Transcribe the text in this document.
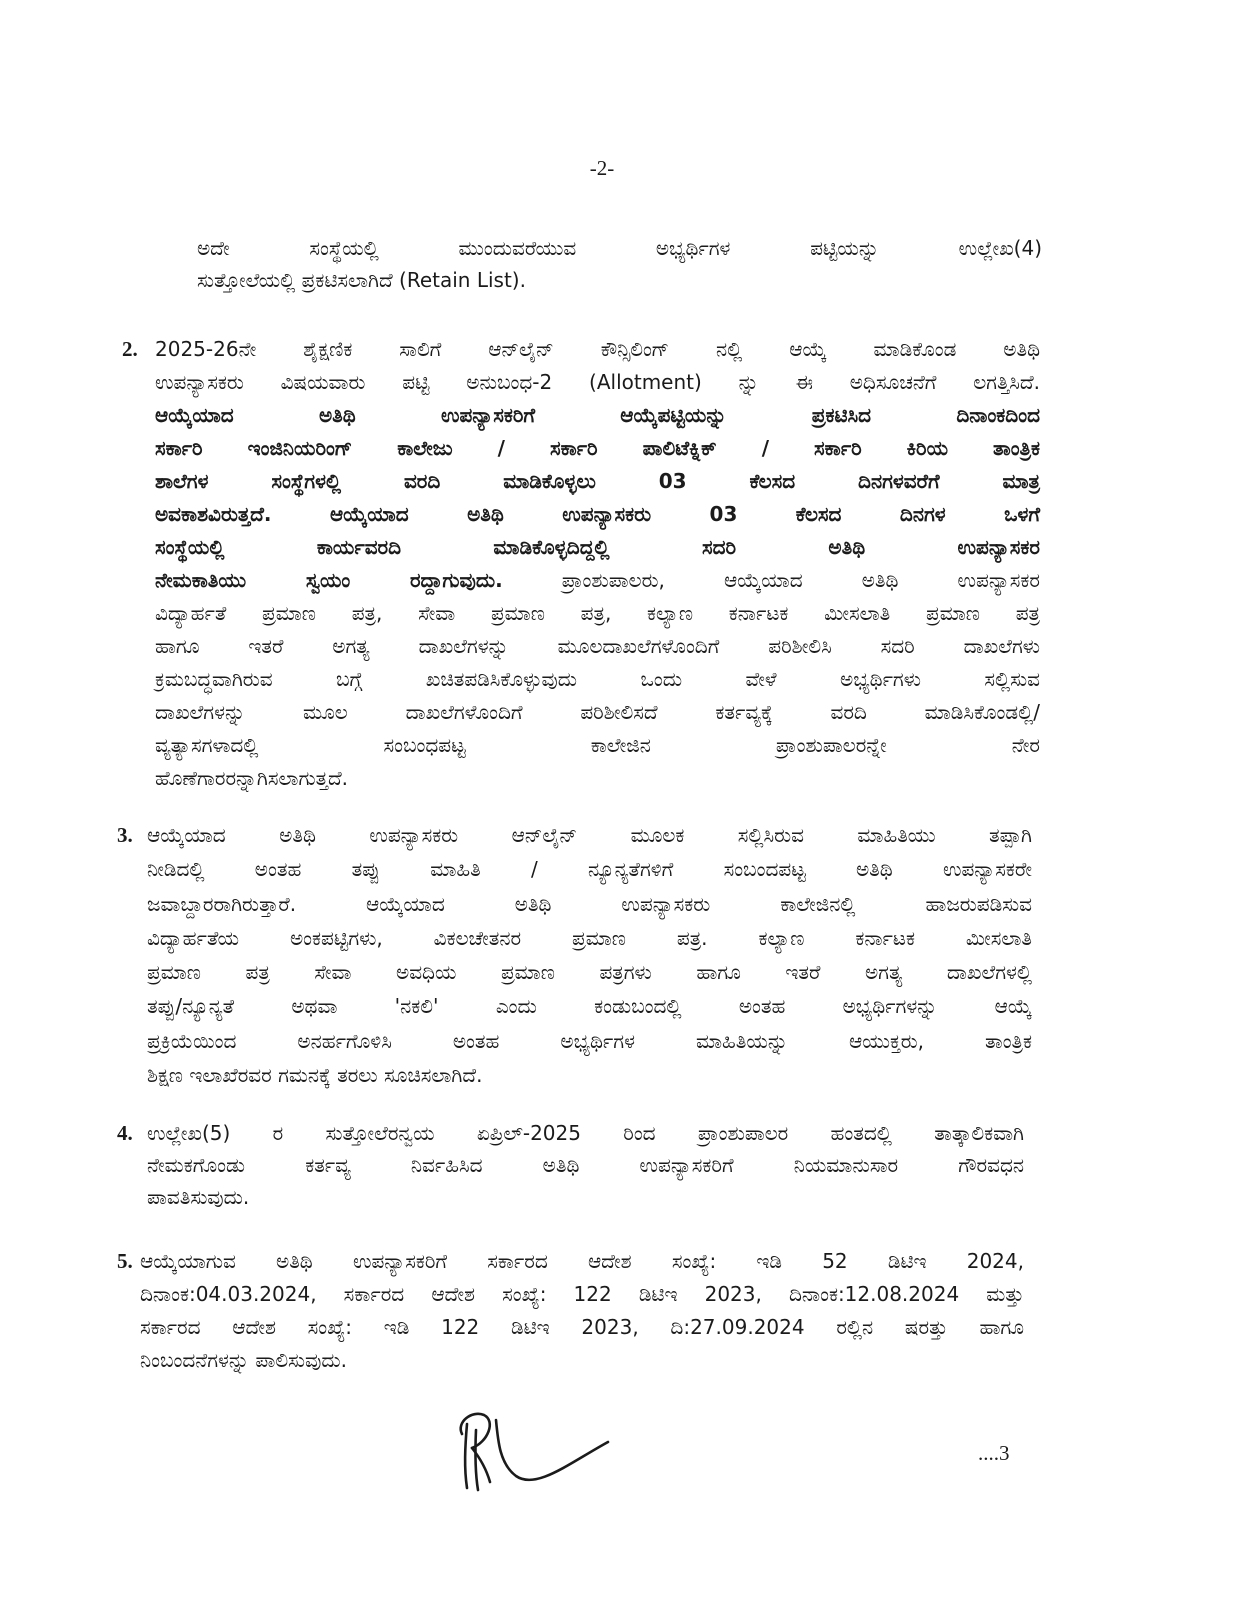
-2-
ಅದೇ ಸಂಸ್ಥೆಯಲ್ಲಿ ಮುಂದುವರೆಯುವ ಅಭ್ಯರ್ಥಿಗಳ ಪಟ್ಟಿಯನ್ನು ಉಲ್ಲೇಖ(4)
ಸುತ್ತೋಲೆಯಲ್ಲಿ ಪ್ರಕಟಿಸಲಾಗಿದೆ (Retain List).
2. 2025-26ನೇ ಶೈಕ್ಷಣಿಕ ಸಾಲಿಗೆ ಆನ್‌ಲೈನ್ ಕೌನ್ಸಿಲಿಂಗ್ ನಲ್ಲಿ ಆಯ್ಕೆ ಮಾಡಿಕೊಂಡ ಅತಿಥಿ
ಉಪನ್ಯಾಸಕರು ವಿಷಯವಾರು ಪಟ್ಟಿ ಅನುಬಂಧ-2 (Allotment) ನ್ನು ಈ ಅಧಿಸೂಚನೆಗೆ ಲಗತ್ತಿಸಿದೆ.
ಆಯ್ಕೆಯಾದ ಅತಿಥಿ ಉಪನ್ಯಾಸಕರಿಗೆ ಆಯ್ಕೆಪಟ್ಟಿಯನ್ನು ಪ್ರಕಟಿಸಿದ ದಿನಾಂಕದಿಂದ
ಸರ್ಕಾರಿ ಇಂಜಿನಿಯರಿಂಗ್ ಕಾಲೇಜು / ಸರ್ಕಾರಿ ಪಾಲಿಟೆಕ್ನಿಕ್ / ಸರ್ಕಾರಿ ಕಿರಿಯ ತಾಂತ್ರಿಕ
ಶಾಲೆಗಳ ಸಂಸ್ಥೆಗಳಲ್ಲಿ ವರದಿ ಮಾಡಿಕೊಳ್ಳಲು 03 ಕೆಲಸದ ದಿನಗಳವರೆಗೆ ಮಾತ್ರ
ಅವಕಾಶವಿರುತ್ತದೆ. ಆಯ್ಕೆಯಾದ ಅತಿಥಿ ಉಪನ್ಯಾಸಕರು 03 ಕೆಲಸದ ದಿನಗಳ ಒಳಗೆ
ಸಂಸ್ಥೆಯಲ್ಲಿ ಕಾರ್ಯವರದಿ ಮಾಡಿಕೊಳ್ಳದಿದ್ದಲ್ಲಿ ಸದರಿ ಅತಿಥಿ ಉಪನ್ಯಾಸಕರ
ನೇಮಕಾತಿಯು ಸ್ವಯಂ ರದ್ದಾಗುವುದು.	ಪ್ರಾಂಶುಪಾಲರು, ಆಯ್ಕೆಯಾದ ಅತಿಥಿ ಉಪನ್ಯಾಸಕರ
ವಿದ್ಯಾರ್ಹತೆ ಪ್ರಮಾಣ ಪತ್ರ, ಸೇವಾ ಪ್ರಮಾಣ ಪತ್ರ, ಕಲ್ಯಾಣ ಕರ್ನಾಟಕ ಮೀಸಲಾತಿ ಪ್ರಮಾಣ ಪತ್ರ
ಹಾಗೂ ಇತರೆ ಅಗತ್ಯ ದಾಖಲೆಗಳನ್ನು ಮೂಲದಾಖಲೆಗಳೊಂದಿಗೆ ಪರಿಶೀಲಿಸಿ ಸದರಿ ದಾಖಲೆಗಳು
ಕ್ರಮಬದ್ಧವಾಗಿರುವ ಬಗ್ಗೆ ಖಚಿತಪಡಿಸಿಕೊಳ್ಳುವುದು ಒಂದು ವೇಳೆ ಅಭ್ಯರ್ಥಿಗಳು ಸಲ್ಲಿಸುವ
ದಾಖಲೆಗಳನ್ನು ಮೂಲ ದಾಖಲೆಗಳೊಂದಿಗೆ ಪರಿಶೀಲಿಸದೆ ಕರ್ತವ್ಯಕ್ಕೆ ವರದಿ ಮಾಡಿಸಿಕೊಂಡಲ್ಲಿ/
ವ್ಯತ್ಯಾಸಗಳಾದಲ್ಲಿ ಸಂಬಂಧಪಟ್ಟ ಕಾಲೇಜಿನ ಪ್ರಾಂಶುಪಾಲರನ್ನೇ ನೇರ
ಹೊಣೆಗಾರರನ್ನಾಗಿಸಲಾಗುತ್ತದೆ.
3. ಆಯ್ಕೆಯಾದ ಅತಿಥಿ ಉಪನ್ಯಾಸಕರು ಆನ್‌ಲೈನ್ ಮೂಲಕ ಸಲ್ಲಿಸಿರುವ ಮಾಹಿತಿಯು ತಪ್ಪಾಗಿ
ನೀಡಿದಲ್ಲಿ ಅಂತಹ ತಪ್ಪು ಮಾಹಿತಿ / ನ್ಯೂನ್ಯತೆಗಳಿಗೆ ಸಂಬಂದಪಟ್ಟ ಅತಿಥಿ ಉಪನ್ಯಾಸಕರೇ
ಜವಾಬ್ದಾರರಾಗಿರುತ್ತಾರೆ. ಆಯ್ಕೆಯಾದ ಅತಿಥಿ ಉಪನ್ಯಾಸಕರು ಕಾಲೇಜಿನಲ್ಲಿ ಹಾಜರುಪಡಿಸುವ
ವಿದ್ಯಾರ್ಹತೆಯ ಅಂಕಪಟ್ಟಿಗಳು, ವಿಕಲಚೇತನರ ಪ್ರಮಾಣ ಪತ್ರ. ಕಲ್ಯಾಣ ಕರ್ನಾಟಕ ಮೀಸಲಾತಿ
ಪ್ರಮಾಣ ಪತ್ರ ಸೇವಾ ಅವಧಿಯ ಪ್ರಮಾಣ ಪತ್ರಗಳು ಹಾಗೂ ಇತರೆ ಅಗತ್ಯ ದಾಖಲೆಗಳಲ್ಲಿ
ತಪ್ಪು/ನ್ಯೂನ್ಯತೆ ಅಥವಾ 'ನಕಲಿ' ಎಂದು ಕಂಡುಬಂದಲ್ಲಿ ಅಂತಹ ಅಭ್ಯರ್ಥಿಗಳನ್ನು ಆಯ್ಕೆ
ಪ್ರಕ್ರಿಯೆಯಿಂದ ಅನರ್ಹಗೊಳಿಸಿ ಅಂತಹ ಅಭ್ಯರ್ಥಿಗಳ ಮಾಹಿತಿಯನ್ನು ಆಯುಕ್ತರು, ತಾಂತ್ರಿಕ
ಶಿಕ್ಷಣ ಇಲಾಖೆರವರ ಗಮನಕ್ಕೆ ತರಲು ಸೂಚಿಸಲಾಗಿದೆ.
4. ಉಲ್ಲೇಖ(5) ರ ಸುತ್ತೋಲೆರನ್ವಯ ಏಪ್ರಿಲ್-2025 ರಿಂದ ಪ್ರಾಂಶುಪಾಲರ ಹಂತದಲ್ಲಿ ತಾತ್ಕಾಲಿಕವಾಗಿ
ನೇಮಕಗೊಂಡು ಕರ್ತವ್ಯ ನಿರ್ವಹಿಸಿದ ಅತಿಥಿ ಉಪನ್ಯಾಸಕರಿಗೆ ನಿಯಮಾನುಸಾರ ಗೌರವಧನ
ಪಾವತಿಸುವುದು.
5. ಆಯ್ಕೆಯಾಗುವ ಅತಿಥಿ ಉಪನ್ಯಾಸಕರಿಗೆ ಸರ್ಕಾರದ ಆದೇಶ ಸಂಖ್ಯೆ: ಇಡಿ 52 ಡಿಟಿಇ 2024,
ದಿನಾಂಕ:04.03.2024, ಸರ್ಕಾರದ ಆದೇಶ ಸಂಖ್ಯೆ: 122 ಡಿಟಿಇ 2023, ದಿನಾಂಕ:12.08.2024 ಮತ್ತು
ಸರ್ಕಾರದ ಆದೇಶ ಸಂಖ್ಯೆ: ಇಡಿ 122 ಡಿಟಿಇ 2023, ದಿ:27.09.2024 ರಲ್ಲಿನ ಷರತ್ತು ಹಾಗೂ
ನಿಂಬಂದನೆಗಳನ್ನು ಪಾಲಿಸುವುದು.
....3
